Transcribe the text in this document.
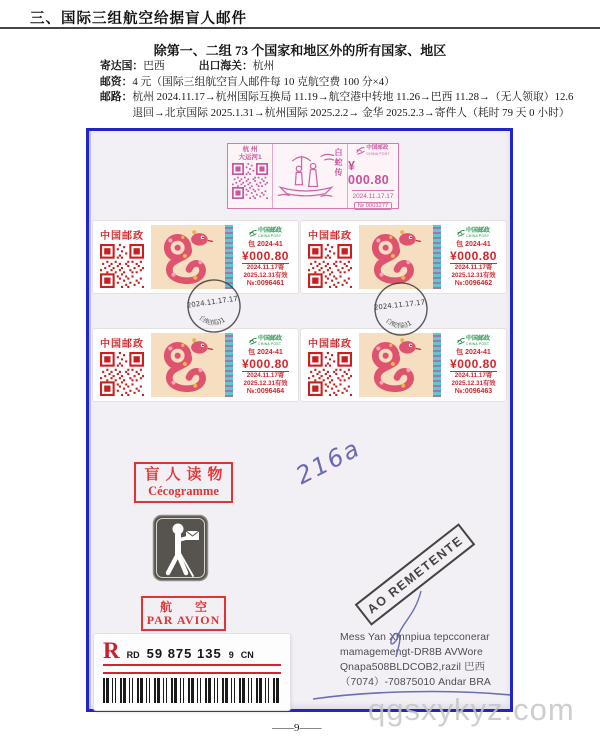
三、国际三组航空给据盲人邮件
除第一、二组 73 个国家和地区外的所有国家、地区
寄达国： 巴西	出口海关： 杭州
邮资： 4 元（国际三组航空盲人邮件每 10 克航空费 100 分×4）
邮路： 杭州 2024.11.17→杭州国际互换局 11.19→航空港中转地 11.26→巴西 11.28→（无人领取）12.6
退回→北京国际 2025.1.31→杭州国际 2025.2.2→ 金华 2025.2.3→寄件人（耗时 79 天 0 小时）
杭 州
大运河1	白蛇传	中国邮政
CHINA POST
¥ 000.80
2024.11.17.17
№ 0003277
中国邮政	中国邮政
CHINA POST
包 2024-41
¥000.80
2024.11.17寄
2025.12.31有效
№:0096461
中国邮政	中国邮政
CHINA POST
包 2024-41
¥000.80
2024.11.17寄
2025.12.31有效
№:0096462
中国邮政	中国邮政
CHINA POST
包 2024-41
¥000.80
2024.11.17寄
2025.12.31有效
№:0096464
中国邮政	中国邮政
CHINA POST
包 2024-41
¥000.80
2024.11.17寄
2025.12.31有效
№:0096463
2024.11.17.17.
白蛇(临)1
2024.11.17.17.
白蛇(临)1
216a
盲人读物
Cécogramme
航 空
PAR AVION
AO REMETENTE
Mess Yan Xmnpiua tepcconerar
mamagemengt-DR8B AVWore
Qnapa508BLDCOB2,razil 巴西
（7074）-70875010 Andar BRA
R RD 59 875 135 9 CN
qgsxykyz.com
——9——
